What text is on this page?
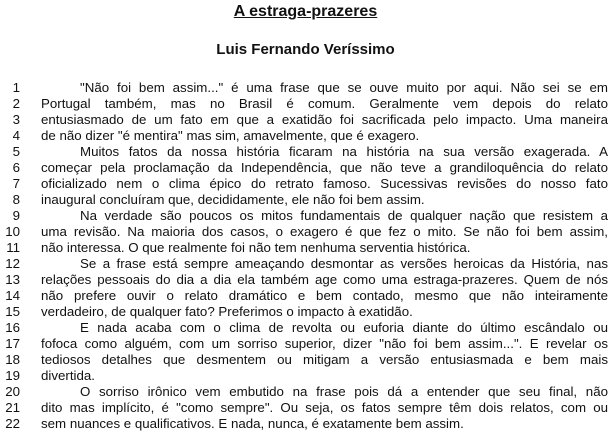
A estraga-prazeres
Luis Fernando Veríssimo
1	"Não foi bem assim..." é uma frase que se ouve muito por aqui. Não sei se em
2 Portugal também, mas no Brasil é comum. Geralmente vem depois do relato
3 entusiasmado de um fato em que a exatidão foi sacrificada pelo impacto. Uma maneira
4 de não dizer "é mentira" mas sim, amavelmente, que é exagero.
5	Muitos fatos da nossa história ficaram na história na sua versão exagerada. A
6 começar pela proclamação da Independência, que não teve a grandiloquência do relato
7 oficializado nem o clima épico do retrato famoso. Sucessivas revisões do nosso fato
8 inaugural concluíram que, decididamente, ele não foi bem assim.
9	Na verdade são poucos os mitos fundamentais de qualquer nação que resistem a
10 uma revisão. Na maioria dos casos, o exagero é que fez o mito. Se não foi bem assim,
11 não interessa. O que realmente foi não tem nenhuma serventia histórica.
12	Se a frase está sempre ameaçando desmontar as versões heroicas da História, nas
13 relações pessoais do dia a dia ela também age como uma estraga-prazeres. Quem de nós
14 não prefere ouvir o relato dramático e bem contado, mesmo que não inteiramente
15 verdadeiro, de qualquer fato? Preferimos o impacto à exatidão.
16	E nada acaba com o clima de revolta ou euforia diante do último escândalo ou
17 fofoca como alguém, com um sorriso superior, dizer "não foi bem assim...". E revelar os
18 tediosos detalhes que desmentem ou mitigam a versão entusiasmada e bem mais
19 divertida.
20	O sorriso irônico vem embutido na frase pois dá a entender que seu final, não
21 dito mas implícito, é "como sempre". Ou seja, os fatos sempre têm dois relatos, com ou
22 sem nuances e qualificativos. E nada, nunca, é exatamente bem assim.
